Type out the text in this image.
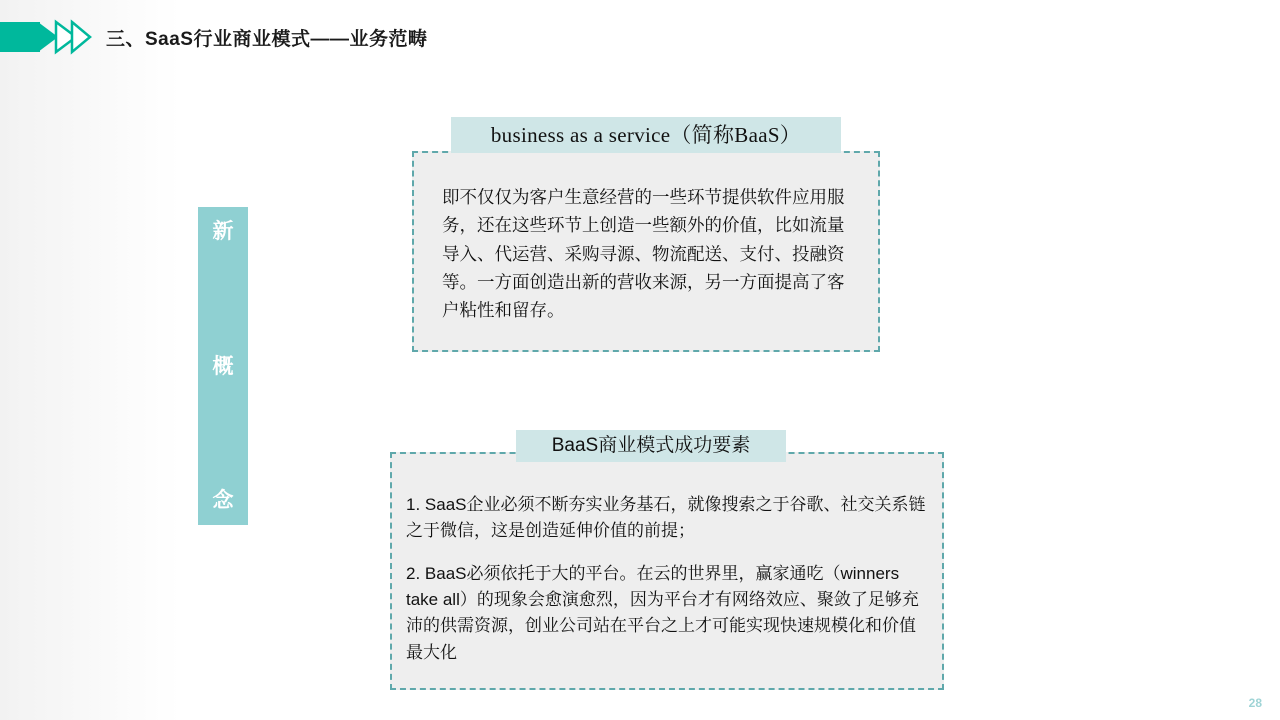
三、SaaS行业商业模式——业务范畴
新
概
念
即不仅仅为客户生意经营的一些环节提供软件应用服务，还在这些环节上创造一些额外的价值，比如流量导入、代运营、采购寻源、物流配送、支付、投融资等。一方面创造出新的营收来源，另一方面提高了客户粘性和留存。
business as a service（简称BaaS）

1. SaaS企业必须不断夯实业务基石，就像搜索之于谷歌、社交关系链之于微信，这是创造延伸价值的前提；

2. BaaS必须依托于大的平台。在云的世界里，赢家通吃（winners take all）的现象会愈演愈烈，因为平台才有网络效应、聚敛了足够充沛的供需资源，创业公司站在平台之上才可能实现快速规模化和价值最大化

BaaS商业模式成功要素
28
